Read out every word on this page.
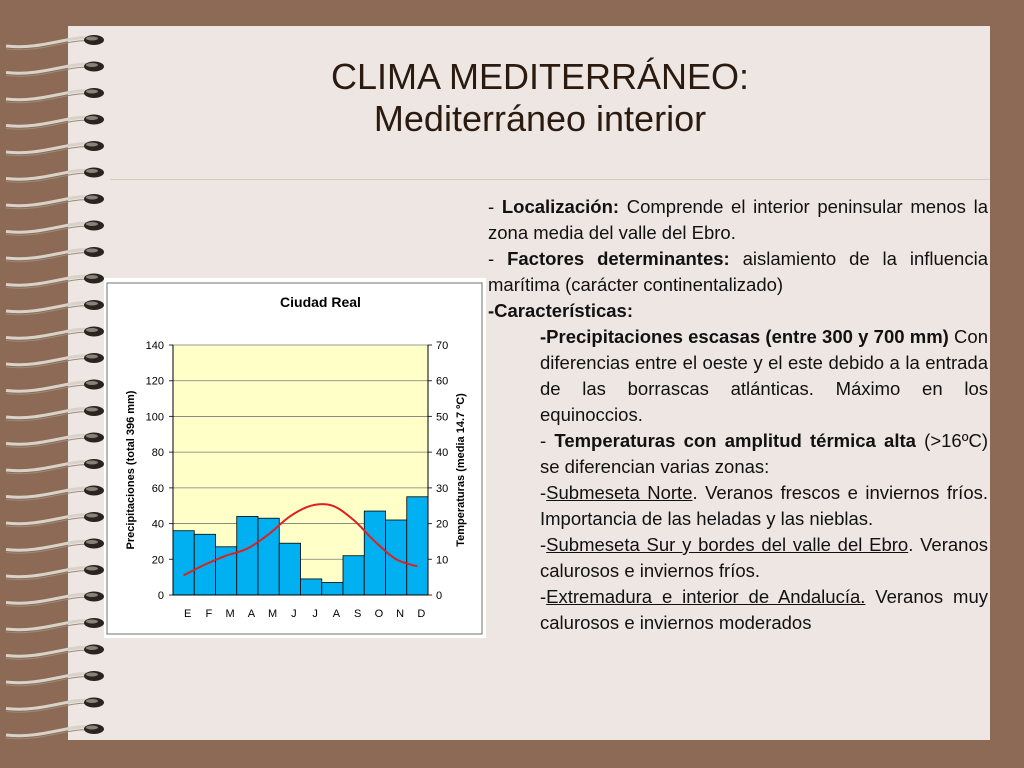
CLIMA MEDITERRÁNEO:
Mediterráneo interior

- Localización: Comprende el interior peninsular menos la zona media del valle del Ebro.

- Factores determinantes: aislamiento de la influencia marítima (carácter continentalizado)

-Características:

-Precipitaciones escasas (entre 300 y 700 mm) Con diferencias entre el oeste y el este debido a la entrada de las borrascas atlánticas. Máximo en los equinoccios.

- Temperaturas con amplitud térmica alta (>16ºC) se diferencian varias zonas:

-Submeseta Norte. Veranos frescos e inviernos fríos. Importancia de las heladas y las nieblas.

-Submeseta Sur y bordes del valle del Ebro. Veranos calurosos e inviernos fríos.

-Extremadura e interior de Andalucía. Veranos muy calurosos e inviernos moderados

Ciudad Real
0
20
40
60
80
100
120
140
0
10
20
30
40
50
60
70
E F M A M J J A S O N D
Precipitaciones (total 396 mm)	Temperaturas (media 14.7 ºC)
